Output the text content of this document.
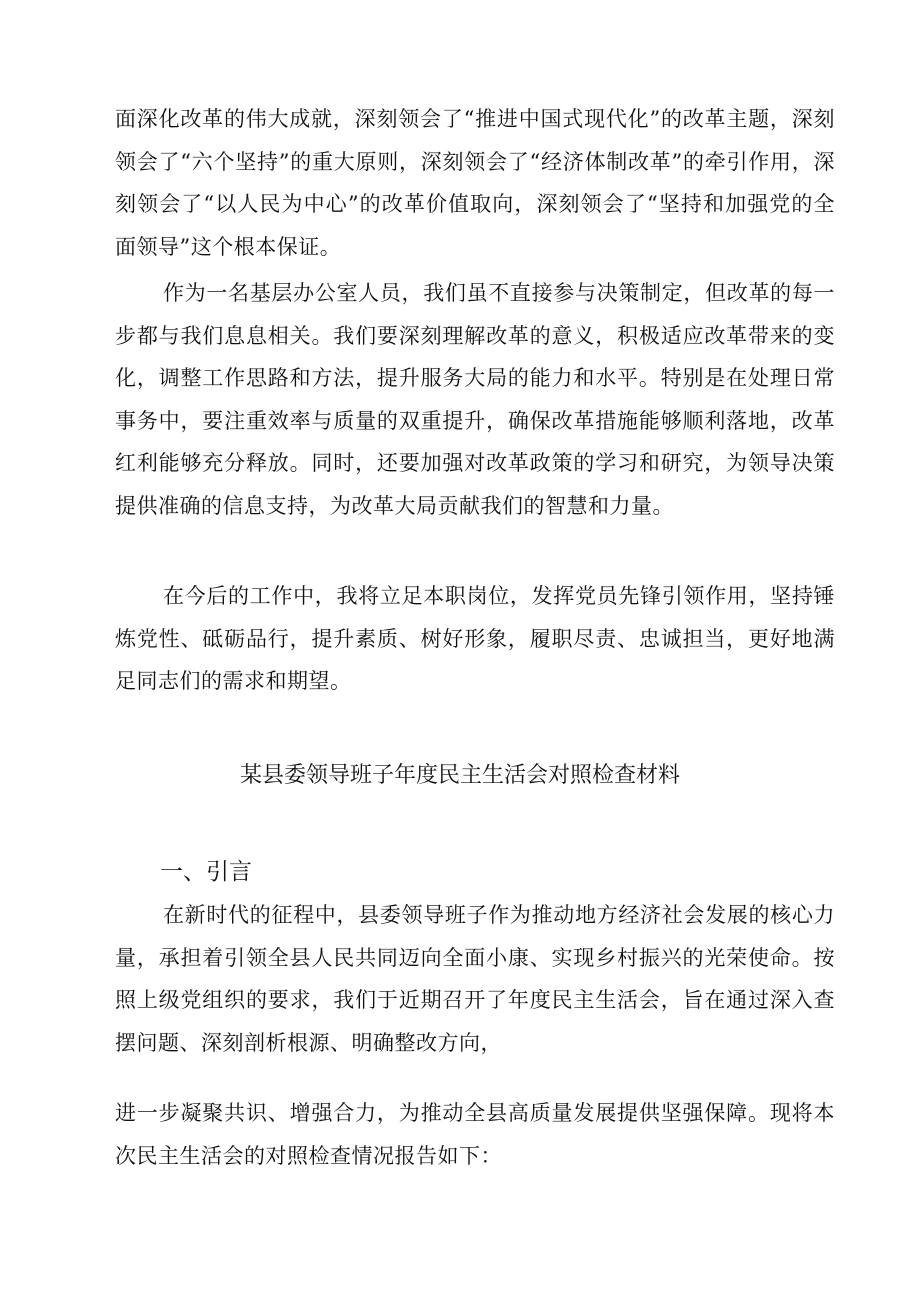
面深化改革的伟大成就，深刻领会了“推进中国式现代化”的改革主题，深刻领会了“六个坚持”的重大原则，深刻领会了“经济体制改革”的牵引作用，深刻领会了“以人民为中心”的改革价值取向，深刻领会了“坚持和加强党的全面领导”这个根本保证。

作为一名基层办公室人员，我们虽不直接参与决策制定，但改革的每一步都与我们息息相关。我们要深刻理解改革的意义，积极适应改革带来的变化，调整工作思路和方法，提升服务大局的能力和水平。特别是在处理日常事务中，要注重效率与质量的双重提升，确保改革措施能够顺利落地，改革红利能够充分释放。同时，还要加强对改革政策的学习和研究，为领导决策提供准确的信息支持，为改革大局贡献我们的智慧和力量。

在今后的工作中，我将立足本职岗位，发挥党员先锋引领作用，坚持锤炼党性、砥砺品行，提升素质、树好形象，履职尽责、忠诚担当，更好地满足同志们的需求和期望。

某县委领导班子年度民主生活会对照检查材料
一、引言

在新时代的征程中，县委领导班子作为推动地方经济社会发展的核心力量，承担着引领全县人民共同迈向全面小康、实现乡村振兴的光荣使命。按照上级党组织的要求，我们于近期召开了年度民主生活会，旨在通过深入查摆问题、深刻剖析根源、明确整改方向，

进一步凝聚共识、增强合力，为推动全县高质量发展提供坚强保障。现将本次民主生活会的对照检查情况报告如下：
